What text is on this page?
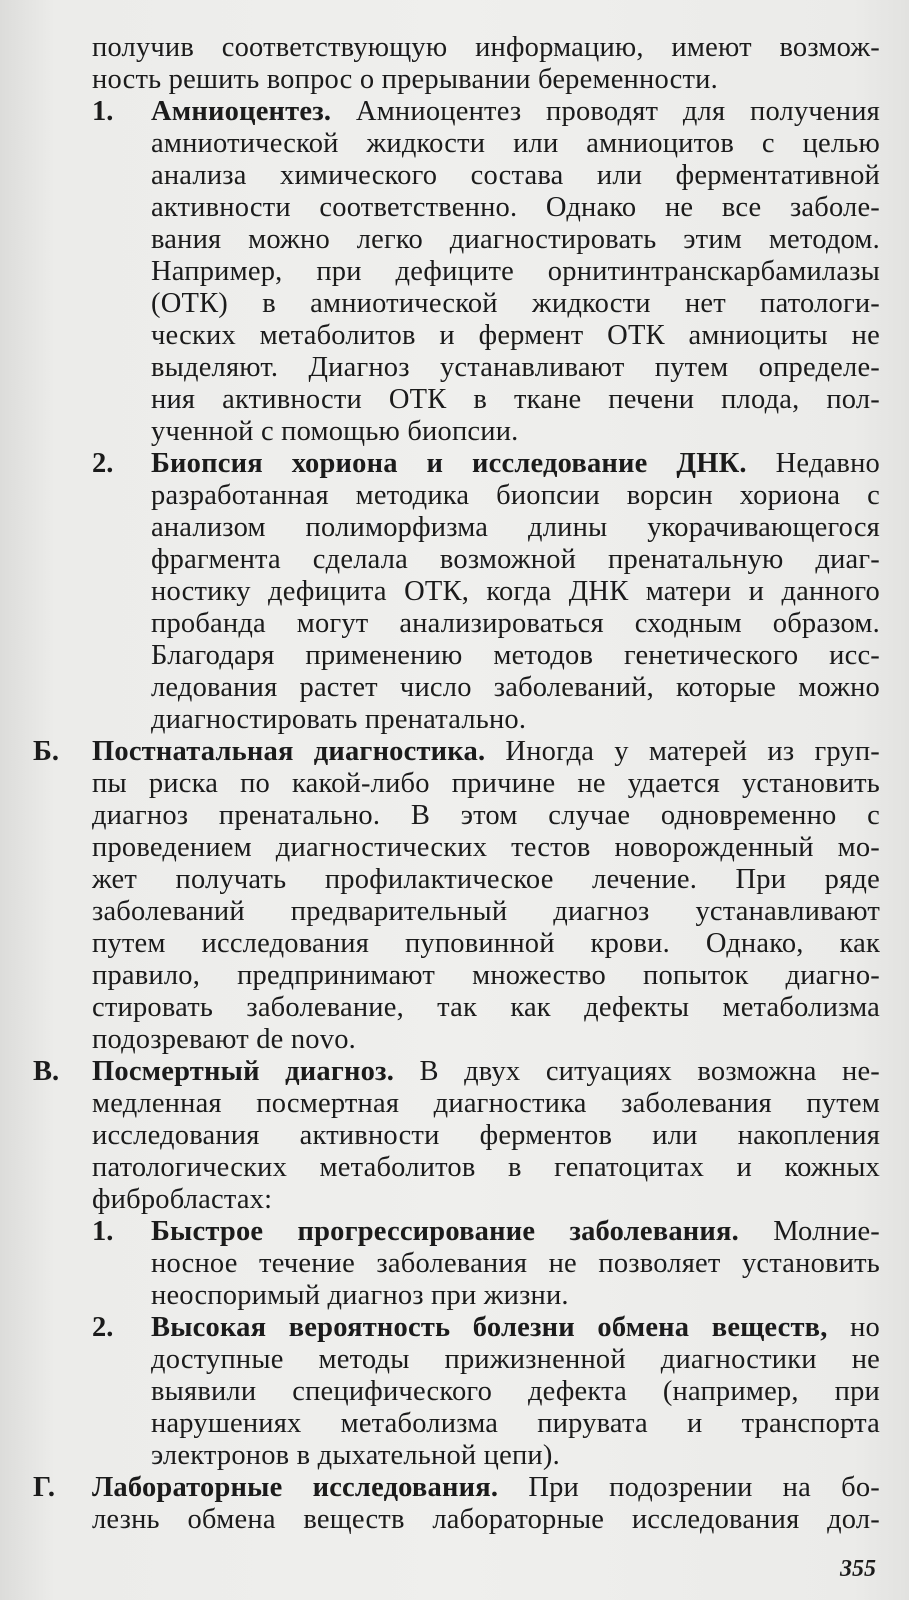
получив соответствующую информацию, имеют возмож-
ность решить вопрос о прерывании беременности.
1. Амниоцентез. Амниоцентез проводят для получения
амниотической жидкости или амниоцитов с целью
анализа химического состава или ферментативной
активности соответственно. Однако не все заболе-
вания можно легко диагностировать этим методом.
Например, при дефиците орнитинтранскарбамилазы
(ОТК) в амниотической жидкости нет патологи-
ческих метаболитов и фермент ОТК амниоциты не
выделяют. Диагноз устанавливают путем определе-
ния активности ОТК в ткане печени плода, пол-
ученной с помощью биопсии.
2. Биопсия хориона и исследование ДНК. Недавно
разработанная методика биопсии ворсин хориона с
анализом полиморфизма длины укорачивающегося
фрагмента сделала возможной пренатальную диаг-
ностику дефицита ОТК, когда ДНК матери и данного
пробанда могут анализироваться сходным образом.
Благодаря применению методов генетического исс-
ледования растет число заболеваний, которые можно
диагностировать пренатально.
Б. Постнатальная диагностика. Иногда у матерей из груп-
пы риска по какой-либо причине не удается установить
диагноз пренатально. В этом случае одновременно с
проведением диагностических тестов новорожденный мо-
жет получать профилактическое лечение. При ряде
заболеваний предварительный диагноз устанавливают
путем исследования пуповинной крови. Однако, как
правило, предпринимают множество попыток диагно-
стировать заболевание, так как дефекты метаболизма
подозревают de novo.
В. Посмертный диагноз. В двух ситуациях возможна не-
медленная посмертная диагностика заболевания путем
исследования активности ферментов или накопления
патологических метаболитов в гепатоцитах и кожных
фибробластах:
1. Быстрое прогрессирование заболевания. Молние-
носное течение заболевания не позволяет установить
неоспоримый диагноз при жизни.
2. Высокая вероятность болезни обмена веществ, но
доступные методы прижизненной диагностики не
выявили специфического дефекта (например, при
нарушениях метаболизма пирувата и транспорта
электронов в дыхательной цепи).
Г. Лабораторные исследования. При подозрении на бо-
лезнь обмена веществ лабораторные исследования дол-
355
